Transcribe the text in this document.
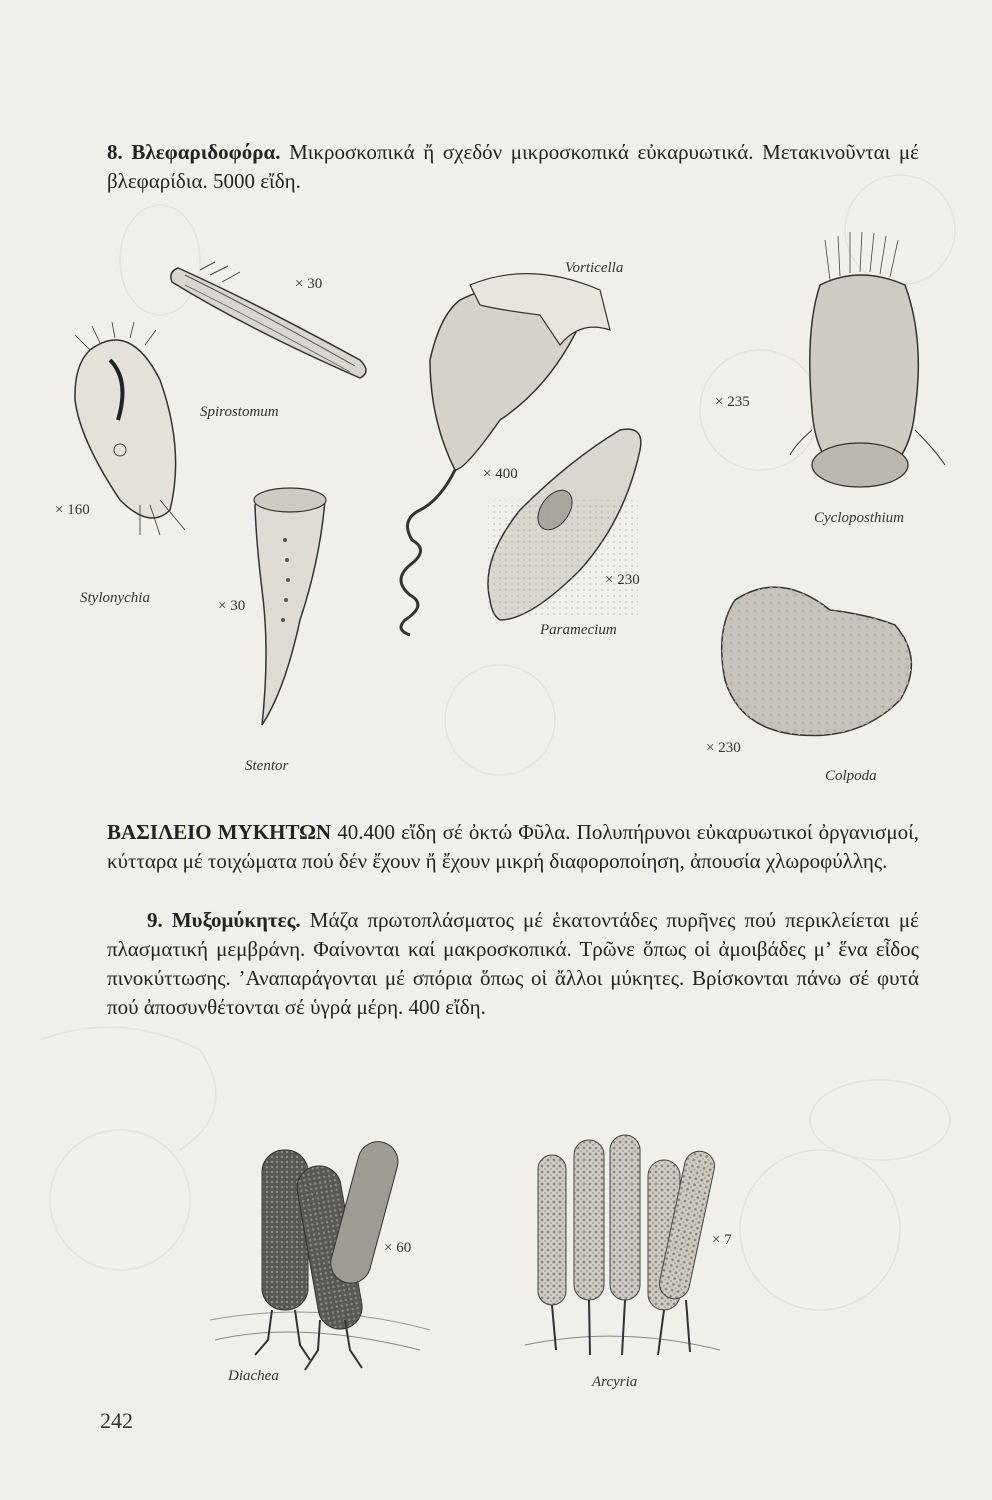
8. Βλεφαριδοφόρα. Μικροσκοπικά ἤ σχεδόν μικροσκοπικά εὐκαρυωτικά. Μετακινοῦνται μέ βλεφαρίδια. 5000 εἴδη.

× 30
Spirostomum
× 160
Stylonychia	× 30
Stentor
Vorticella
× 400
× 230
Paramecium
× 235
Cycloposthium
× 230
Colpoda

ΒΑΣΙΛΕΙΟ ΜΥΚΗΤΩΝ 40.400 εἴδη σέ ὀκτώ Φῦλα. Πολυπήρυνοι εὐκαρυωτικοί ὀργανισμοί, κύτταρα μέ τοιχώματα πού δέν ἔχουν ἤ ἔχουν μικρή διαφοροποίηση, ἀπουσία χλωροφύλλης.

9. Μυξομύκητες. Μάζα πρωτοπλάσματος μέ ἑκατοντάδες πυρῆνες πού περικλείεται μέ πλασματική μεμβράνη. Φαίνονται καί μακροσκοπικά. Τρῶνε ὅπως οἱ ἀμοιβάδες μ’ ἕνα εἶδος πινοκύττωσης. ’Αναπαράγονται μέ σπόρια ὅπως οἱ ἄλλοι μύκητες. Βρίσκονται πάνω σέ φυτά πού ἀποσυνθέτονται σέ ὑγρά μέρη. 400 εἴδη.

× 60
Diachea
× 7
Arcyria
242
